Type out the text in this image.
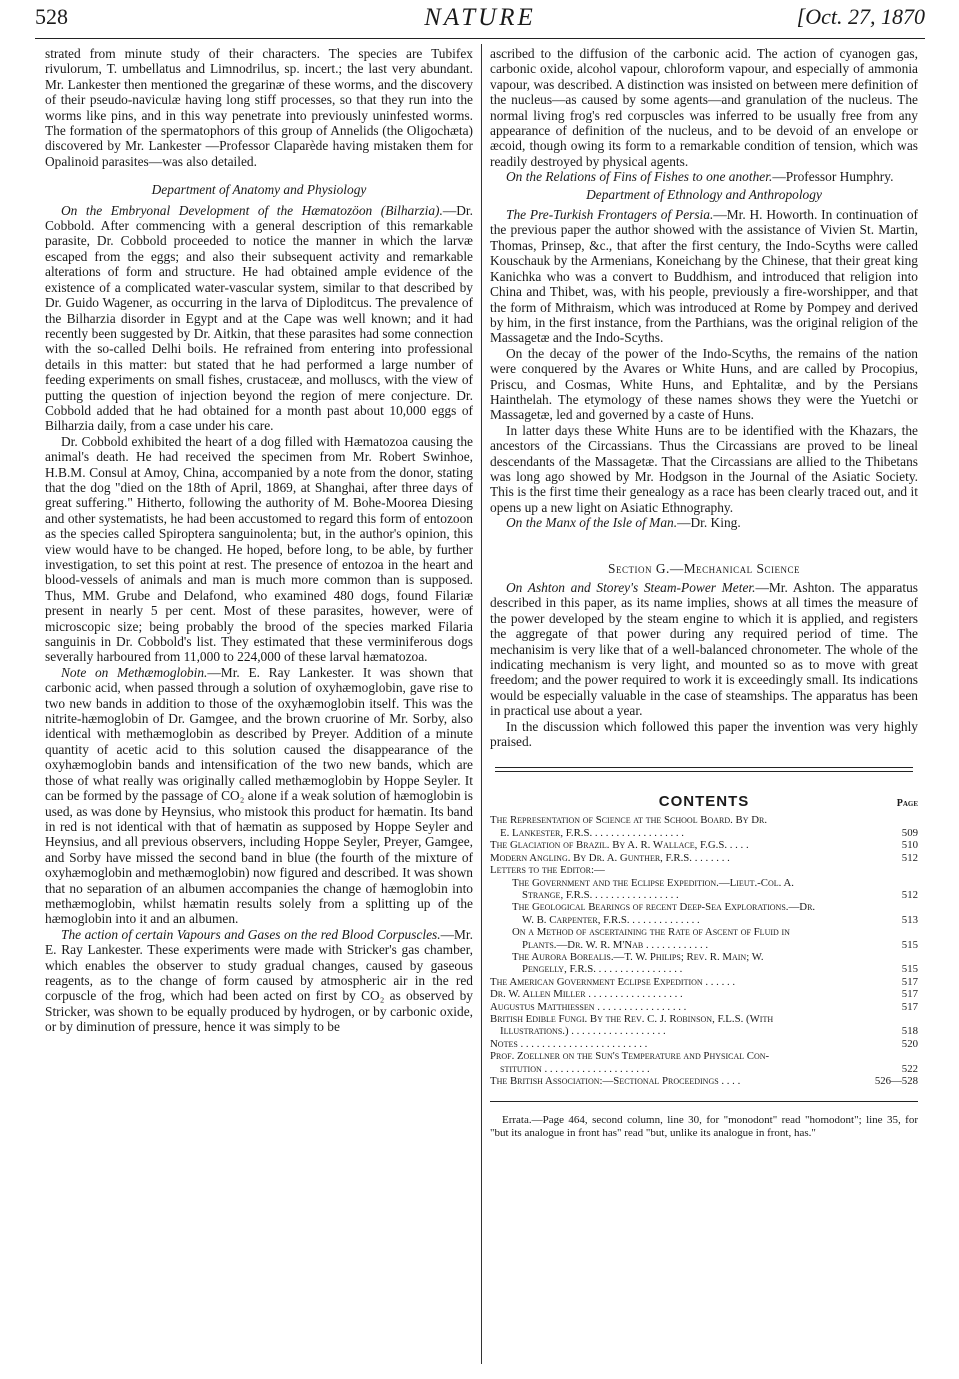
528	NATURE	[Oct. 27, 1870

strated from minute study of their characters. The species are Tubifex rivulorum, T. umbellatus and Limnodrilus, sp. incert.; the last very abundant. Mr. Lankester then mentioned the gregarinæ of these worms, and the discovery of their pseudo-naviculæ having long stiff processes, so that they run into the worms like pins, and in this way penetrate into previously uninfested worms. The formation of the spermatophors of this group of Annelids (the Oligochæta) discovered by Mr. Lankester —Professor Claparède having mistaken them for Opalinoid parasites—was also detailed.

Department of Anatomy and Physiology

On the Embryonal Development of the Hæmatozöon (Bilharzia).—Dr. Cobbold. After commencing with a general description of this remarkable parasite, Dr. Cobbold proceeded to notice the manner in which the larvæ escaped from the eggs; and also their subsequent activity and remarkable alterations of form and structure. He had obtained ample evidence of the existence of a complicated water-vascular system, similar to that described by Dr. Guido Wagener, as occurring in the larva of Diploditcus. The prevalence of the Bilharzia disorder in Egypt and at the Cape was well known; and it had recently been suggested by Dr. Aitkin, that these parasites had some connection with the so-called Delhi boils. He refrained from entering into professional details in this matter: but stated that he had performed a large number of feeding experiments on small fishes, crustaceæ, and molluscs, with the view of putting the question of injection beyond the region of mere conjecture. Dr. Cobbold added that he had obtained for a month past about 10,000 eggs of Bilharzia daily, from a case under his care.

Dr. Cobbold exhibited the heart of a dog filled with Hæmatozoa causing the animal's death. He had received the specimen from Mr. Robert Swinhoe, H.B.M. Consul at Amoy, China, accompanied by a note from the donor, stating that the dog "died on the 18th of April, 1869, at Shanghai, after three days of great suffering." Hitherto, following the authority of M. Bohe-Moorea Diesing and other systematists, he had been accustomed to regard this form of entozoon as the species called Spiroptera sanguinolenta; but, in the author's opinion, this view would have to be changed. He hoped, before long, to be able, by further investigation, to set this point at rest. The presence of entozoa in the heart and blood-vessels of animals and man is much more common than is supposed. Thus, MM. Grube and Delafond, who examined 480 dogs, found Filariæ present in nearly 5 per cent. Most of these parasites, however, were of microscopic size; being probably the brood of the species marked Filaria sanguinis in Dr. Cobbold's list. They estimated that these verminiferous dogs severally harboured from 11,000 to 224,000 of these larval hæmatozoa.

Note on Methæmoglobin.—Mr. E. Ray Lankester. It was shown that carbonic acid, when passed through a solution of oxyhæmoglobin, gave rise to two new bands in addition to those of the oxyhæmoglobin itself. This was the nitrite-hæmoglobin of Dr. Gamgee, and the brown cruorine of Mr. Sorby, also identical with methæmoglobin as described by Preyer. Addition of a minute quantity of acetic acid to this solution caused the disappearance of the oxyhæmoglobin bands and intensification of the two new bands, which are those of what really was originally called methæmoglobin by Hoppe Seyler. It can be formed by the passage of CO₂ alone if a weak solution of hæmoglobin is used, as was done by Heynsius, who mistook this product for hæmatin. Its band in red is not identical with that of hæmatin as supposed by Hoppe Seyler and Heynsius, and all previous observers, including Hoppe Seyler, Preyer, Gamgee, and Sorby have missed the second band in blue (the fourth of the mixture of oxyhæmoglobin and methæmoglobin) now figured and described. It was shown that no separation of an albumen accompanies the change of hæmoglobin into methæmoglobin, whilst hæmatin results solely from a splitting up of the hæmoglobin into it and an albumen.

The action of certain Vapours and Gases on the red Blood Corpuscles.—Mr. E. Ray Lankester. These experiments were made with Stricker's gas chamber, which enables the observer to study gradual changes, caused by gaseous reagents, as to the change of form caused by atmospheric air in the red corpuscle of the frog, which had been acted on first by CO₂ as observed by Stricker, was shown to be equally produced by hydrogen, or by carbonic oxide, or by diminution of pressure, hence it was simply to be

ascribed to the diffusion of the carbonic acid. The action of cyanogen gas, carbonic oxide, alcohol vapour, chloroform vapour, and especially of ammonia vapour, was described. A distinction was insisted on between mere definition of the nucleus—as caused by some agents—and granulation of the nucleus. The normal living frog's red corpuscles was inferred to be usually free from any appearance of definition of the nucleus, and to be devoid of an envelope or æcoid, though owing its form to a remarkable condition of tension, which was readily destroyed by physical agents.

On the Relations of Fins of Fishes to one another.—Professor Humphry.

Department of Ethnology and Anthropology

The Pre-Turkish Frontagers of Persia.—Mr. H. Howorth. In continuation of the previous paper the author showed with the assistance of Vivien St. Martin, Thomas, Prinsep, &c., that after the first century, the Indo-Scyths were called Kouschauk by the Armenians, Koneichang by the Chinese, that their great king Kanichka who was a convert to Buddhism, and introduced that religion into China and Thibet, was, with his people, previously a fire-worshipper, and that the form of Mithraism, which was introduced at Rome by Pompey and derived by him, in the first instance, from the Parthians, was the original religion of the Massagetæ and the Indo-Scyths.

On the decay of the power of the Indo-Scyths, the remains of the nation were conquered by the Avares or White Huns, and are called by Procopius, Priscu, and Cosmas, White Huns, and Ephtalitæ, and by the Persians Hainthelah. The etymology of these names shows they were the Yuetchi or Massagetæ, led and governed by a caste of Huns.

In latter days these White Huns are to be identified with the Khazars, the ancestors of the Circassians. Thus the Circassians are proved to be lineal descendants of the Massagetæ. That the Circassians are allied to the Thibetans was long ago showed by Mr. Hodgson in the Journal of the Asiatic Society. This is the first time their genealogy as a race has been clearly traced out, and it opens up a new light on Asiatic Ethnography.

On the Manx of the Isle of Man.—Dr. King.

Section G.—Mechanical Science

On Ashton and Storey's Steam-Power Meter.—Mr. Ashton. The apparatus described in this paper, as its name implies, shows at all times the measure of the power developed by the steam engine to which it is applied, and registers the aggregate of that power during any required period of time. The mechanisim is very like that of a well-balanced chronometer. The whole of the indicating mechanism is very light, and mounted so as to move with great freedom; and the power required to work it is exceedingly small. Its indications would be especially valuable in the case of steamships. The apparatus has been in practical use about a year.

In the discussion which followed this paper the invention was very highly praised.

CONTENTS	Page
The Representation of Science at the School Board. By Dr.
E. Lankester, F.R.S. . . . . . . . . . . . . . . . . .	509
The Glaciation of Brazil. By A. R. Wallace, F.G.S. . . . .	510
Modern Angling. By Dr. A. Gunther, F.R.S. . . . . . . .	512
Letters to the Editor:—
The Government and the Eclipse Expedition.—Lieut.-Col. A.
Strange, F.R.S. . . . . . . . . . . . . . . . .	512
The Geological Bearings of recent Deep-Sea Explorations.—Dr.
W. B. Carpenter, F.R.S. . . . . . . . . . . . . .	513
On a Method of ascertaining the Rate of Ascent of Fluid in
Plants.—Dr. W. R. M'Nab . . . . . . . . . . . .	515
The Aurora Borealis.—T. W. Philips; Rev. R. Main; W.
Pengelly, F.R.S. . . . . . . . . . . . . . . . .	515
The American Government Eclipse Expedition . . . . . .	517
Dr. W. Allen Miller . . . . . . . . . . . . . . . . . .	517
Augustus Matthiessen . . . . . . . . . . . . . . . . .	517
British Edible Fungi. By the Rev. C. J. Robinson, F.L.S. (With
Illustrations.) . . . . . . . . . . . . . . . . . .	518
Notes . . . . . . . . . . . . . . . . . . . . . . . .	520
Prof. Zoellner on the Sun's Temperature and Physical Con-
stitution . . . . . . . . . . . . . . . . . . . .	522
The British Association:—Sectional Proceedings . . . .	526—528

Errata.—Page 464, second column, line 30, for "monodont" read "homodont"; line 35, for "but its analogue in front has" read "but, unlike its analogue in front, has."
